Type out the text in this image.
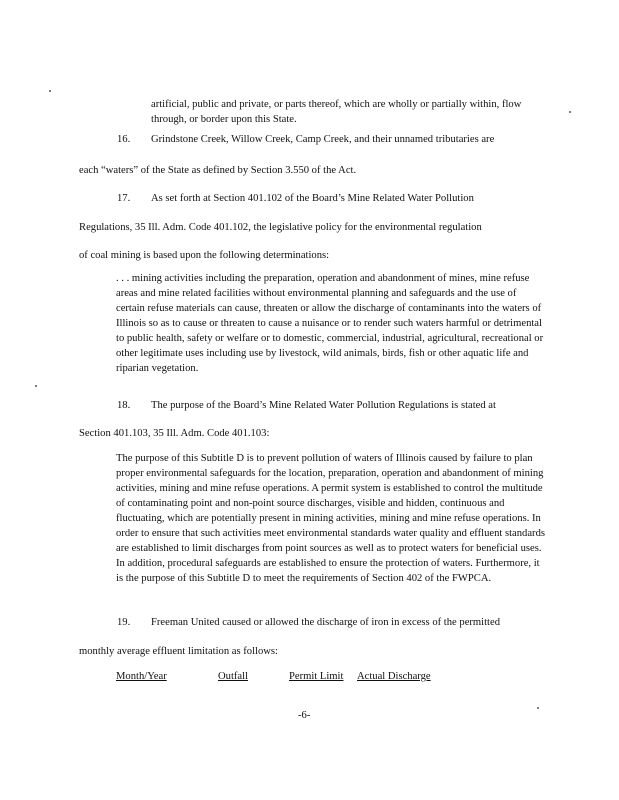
artificial, public and private, or parts thereof, which are wholly or partially within, flow through, or border upon this State.
16. Grindstone Creek, Willow Creek, Camp Creek, and their unnamed tributaries are
each “waters” of the State as defined by Section 3.550 of the Act.
17. As set forth at Section 401.102 of the Board’s Mine Related Water Pollution
Regulations, 35 Ill. Adm. Code 401.102, the legislative policy for the environmental regulation
of coal mining is based upon the following determinations:
. . . mining activities including the preparation, operation and abandonment of mines, mine refuse areas and mine related facilities without environmental planning and safeguards and the use of certain refuse materials can cause, threaten or allow the discharge of contaminants into the waters of Illinois so as to cause or threaten to cause a nuisance or to render such waters harmful or detrimental to public health, safety or welfare or to domestic, commercial, industrial, agricultural, recreational or other legitimate uses including use by livestock, wild animals, birds, fish or other aquatic life and riparian vegetation.
18. The purpose of the Board’s Mine Related Water Pollution Regulations is stated at
Section 401.103, 35 Ill. Adm. Code 401.103:
The purpose of this Subtitle D is to prevent pollution of waters of Illinois caused by failure to plan proper environmental safeguards for the location, preparation, operation and abandonment of mining activities, mining and mine refuse operations. A permit system is established to control the multitude of contaminating point and non-point source discharges, visible and hidden, continuous and fluctuating, which are potentially present in mining activities, mining and mine refuse operations. In order to ensure that such activities meet environmental standards water quality and effluent standards are established to limit discharges from point sources as well as to protect waters for beneficial uses. In addition, procedural safeguards are established to ensure the protection of waters. Furthermore, it is the purpose of this Subtitle D to meet the requirements of Section 402 of the FWPCA.
19. Freeman United caused or allowed the discharge of iron in excess of the permitted
monthly average effluent limitation as follows:
Month/Year	Outfall	Permit Limit Actual Discharge
-6-
